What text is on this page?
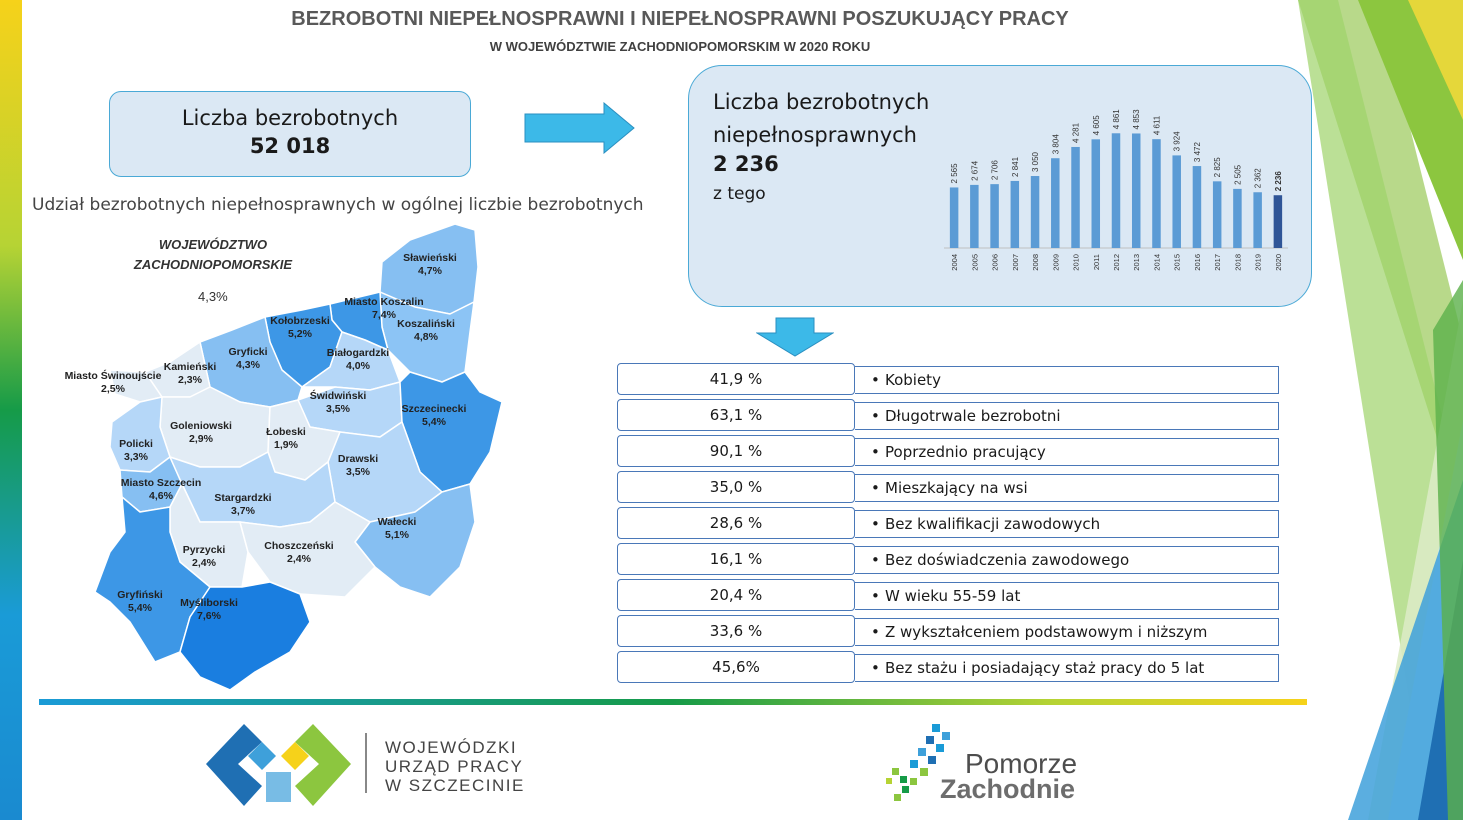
BEZROBOTNI NIEPEŁNOSPRAWNI I NIEPEŁNOSPRAWNI POSZUKUJĄCY PRACY
W WOJEWÓDZTWIE ZACHODNIOPOMORSKIM W 2020 ROKU
Liczba bezrobotnych
52 018
Udział bezrobotnych niepełnosprawnych w ogólnej liczbie bezrobotnych
Liczba bezrobotnych niepełnosprawnych
2 236
z tego
2 565
2004
2 674
2005
2 706
2006
2 841
2007
3 050
2008
3 804
2009
4 281
2010
4 605
2011
4 861
2012
4 853
2013
4 611
2014
3 924
2015
3 472
2016
2 825
2017
2 505
2018
2 362
2019
2 236
2020
WOJEWÓDZTWO
ZACHODNIOPOMORSKIE
4,3%
Sławieński
4,7%
Miasto Koszalin
7,4%
Koszaliński
4,8%
Kołobrzeski
5,2%
Gryficki
4,3%
Białogardzki
4,0%
Kamieński
2,3%
Miasto Świnoujście
2,5%
Świdwiński
3,5%	Szczecinecki
5,4%
Goleniowski
2,9%
Łobeski
1,9%
Policki
3,3%	Drawski
3,5%
Miasto Szczecin
4,6%	Stargardzki
3,7%
Wałecki
5,1%
Pyrzycki
2,4%
Choszczeński
2,4%
Gryfiński
5,4%	Myśliborski
7,6%
41,9 %	• Kobiety
63,1 %	• Długotrwale bezrobotni
90,1 %	• Poprzednio pracujący
35,0 %	• Mieszkający na wsi
28,6 %	• Bez kwalifikacji zawodowych
16,1 %	• Bez doświadczenia zawodowego
20,4 %	• W wieku 55-59 lat
33,6 %	• Z wykształceniem podstawowym i niższym
45,6%	• Bez stażu i posiadający staż pracy do 5 lat
WOJEWÓDZKI
URZĄD PRACY
W SZCZECINIE
Pomorze
Zachodnie
